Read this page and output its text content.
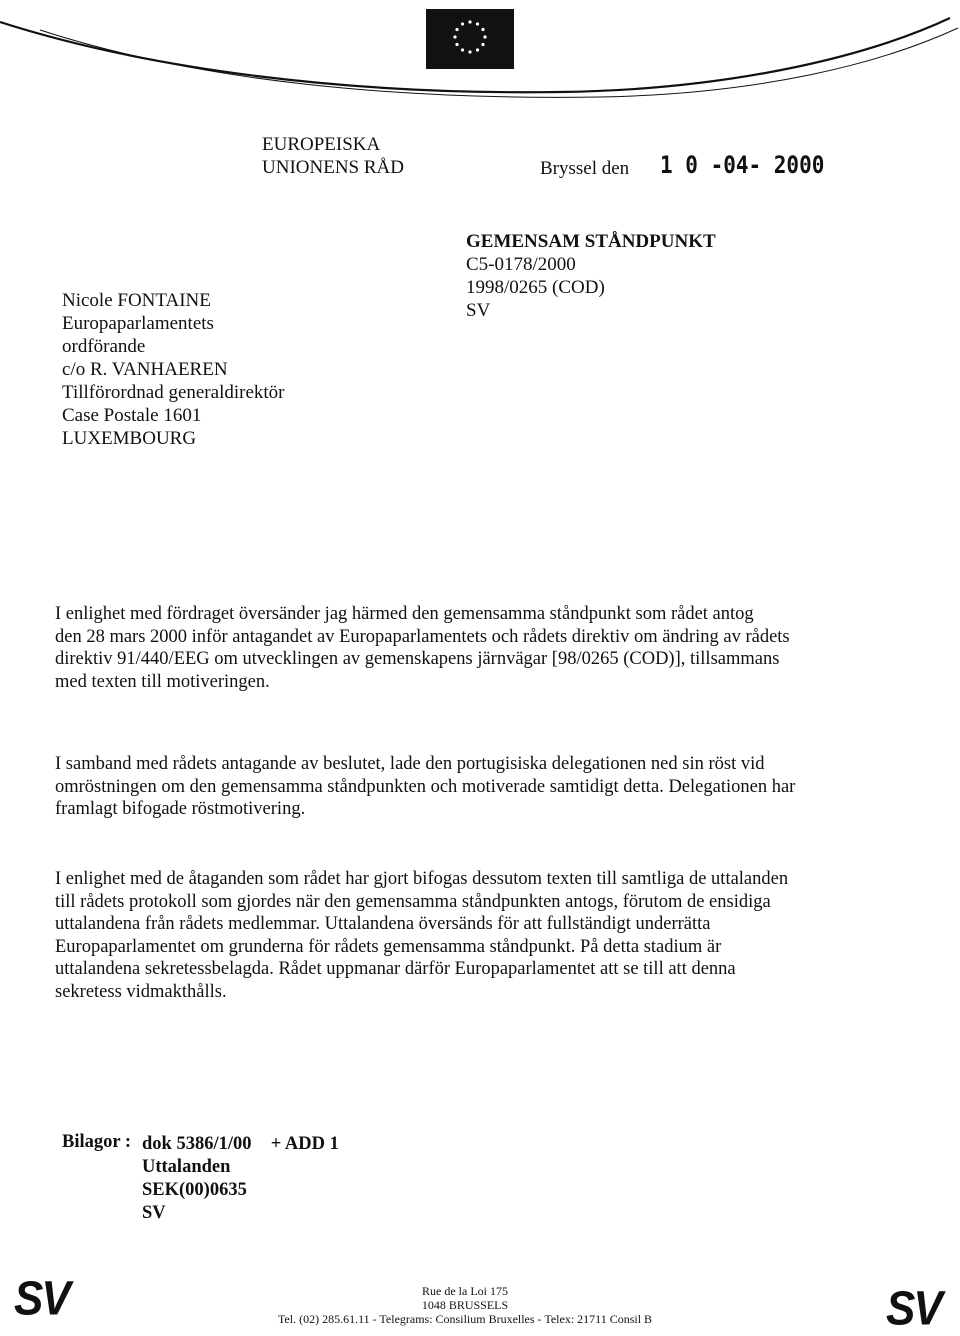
EUROPEISKA
UNIONENS RÅD	Bryssel den 1 0 -04- 2000
GEMENSAM STÅNDPUNKT
C5-0178/2000
1998/0265 (COD)
SV
Nicole FONTAINE
Europaparlamentets
ordförande
c/o R. VANHAEREN
Tillförordnad generaldirektör
Case Postale 1601
LUXEMBOURG
I enlighet med fördraget översänder jag härmed den gemensamma ståndpunkt som rådet antog
den 28 mars 2000 inför antagandet av Europaparlamentets och rådets direktiv om ändring av rådets
direktiv 91/440/EEG om utvecklingen av gemenskapens järnvägar [98/0265 (COD)], tillsammans
med texten till motiveringen.
I samband med rådets antagande av beslutet, lade den portugisiska delegationen ned sin röst vid
omröstningen om den gemensamma ståndpunkten och motiverade samtidigt detta. Delegationen har
framlagt bifogade röstmotivering.
I enlighet med de åtaganden som rådet har gjort bifogas dessutom texten till samtliga de uttalanden
till rådets protokoll som gjordes när den gemensamma ståndpunkten antogs, förutom de ensidiga
uttalandena från rådets medlemmar. Uttalandena översänds för att fullständigt underrätta
Europaparlamentet om grunderna för rådets gemensamma ståndpunkt. På detta stadium är
uttalandena sekretessbelagda. Rådet uppmanar därför Europaparlamentet att se till att denna
sekretess vidmakthålls.
Bilagor : dok 5386/1/00 + ADD 1
Uttalanden
SEK(00)0635
SV
SV	SV
Rue de la Loi 175
1048 BRUSSELS
Tel. (02) 285.61.11 - Telegrams: Consilium Bruxelles - Telex: 21711 Consil B
